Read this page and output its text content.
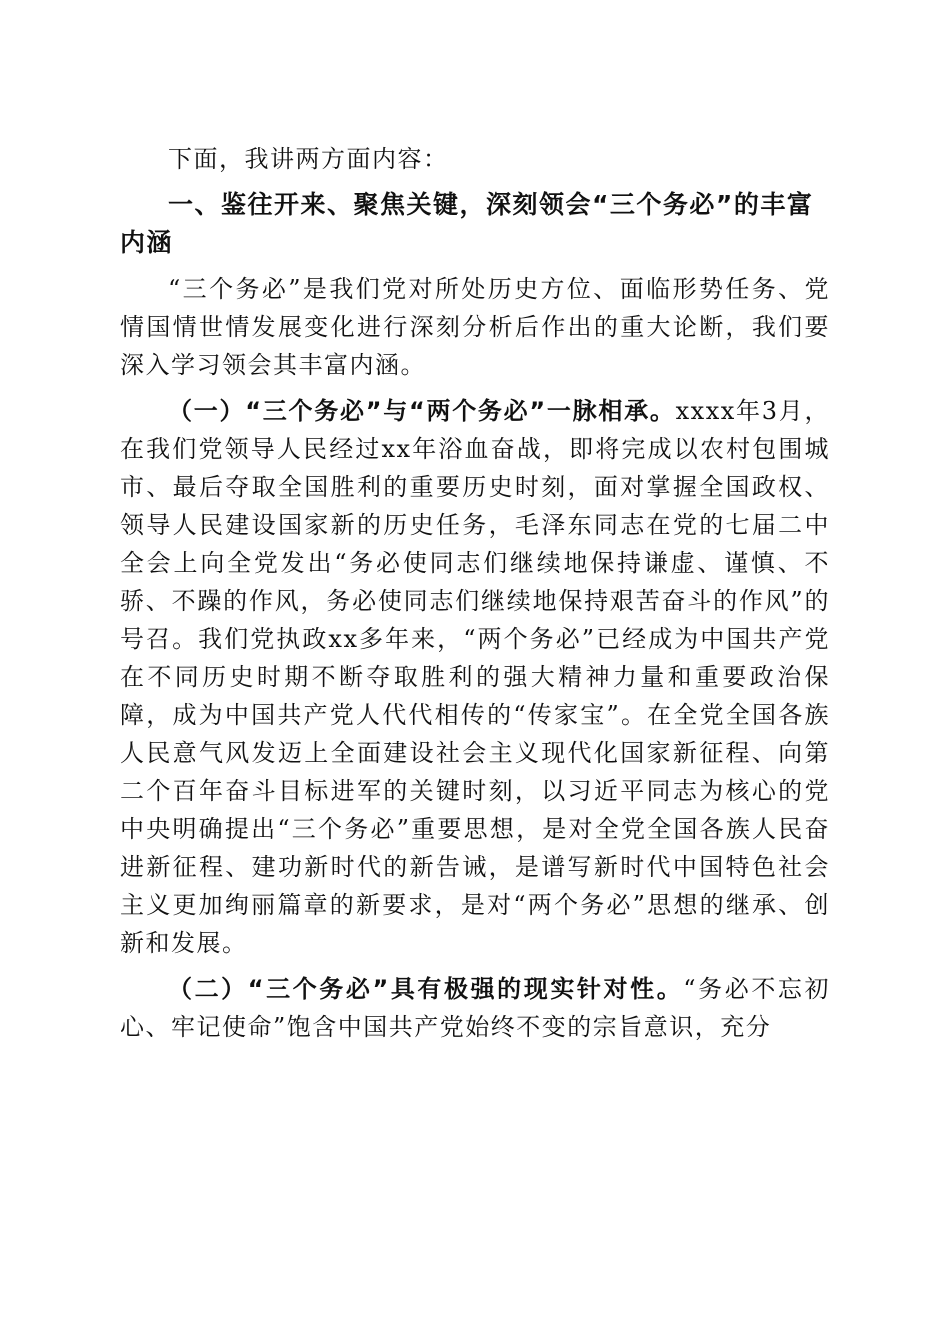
下面，我讲两方面内容：

一、鉴往开来、聚焦关键，深刻领会“三个务必”的丰富内涵

“三个务必”是我们党对所处历史方位、面临形势任务、党情国情世情发展变化进行深刻分析后作出的重大论断，我们要深入学习领会其丰富内涵。

（一）“三个务必”与“两个务必”一脉相承。xxxx年3月，在我们党领导人民经过xx年浴血奋战，即将完成以农村包围城市、最后夺取全国胜利的重要历史时刻，面对掌握全国政权、领导人民建设国家新的历史任务，毛泽东同志在党的七届二中全会上向全党发出“务必使同志们继续地保持谦虚、谨慎、不骄、不躁的作风，务必使同志们继续地保持艰苦奋斗的作风”的号召。我们党执政xx多年来，“两个务必”已经成为中国共产党在不同历史时期不断夺取胜利的强大精神力量和重要政治保障，成为中国共产党人代代相传的“传家宝”。在全党全国各族人民意气风发迈上全面建设社会主义现代化国家新征程、向第二个百年奋斗目标进军的关键时刻，以习近平同志为核心的党中央明确提出“三个务必”重要思想，是对全党全国各族人民奋进新征程、建功新时代的新告诫，是谱写新时代中国特色社会主义更加绚丽篇章的新要求，是对“两个务必”思想的继承、创新和发展。

（二）“三个务必”具有极强的现实针对性。“务必不忘初心、牢记使命”饱含中国共产党始终不变的宗旨意识，充分
